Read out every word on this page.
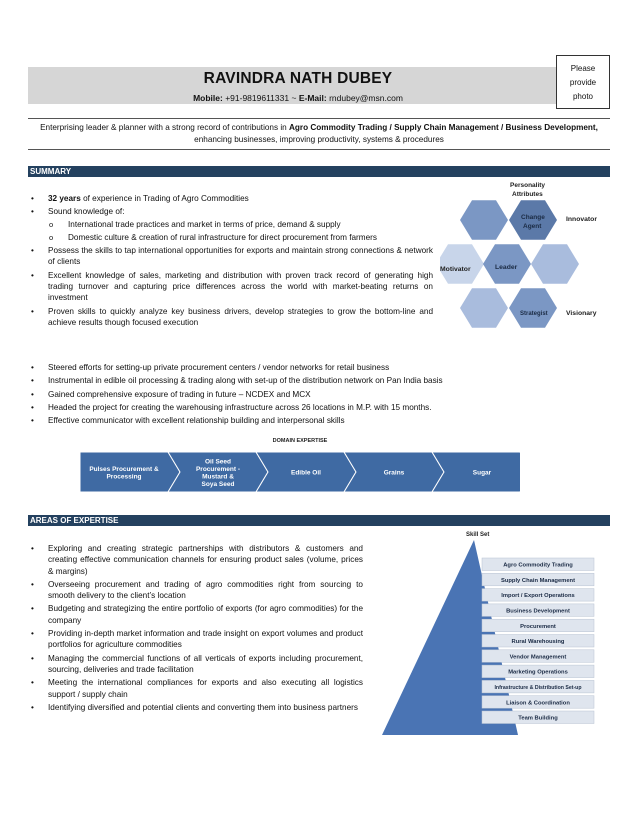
RAVINDRA NATH DUBEY
Mobile: +91-9819611331 ~ E-Mail: rndubey@msn.com
Please
provide
photo
Enterprising leader & planner with a strong record of contributions in Agro Commodity Trading / Supply Chain Management / Business Development, enhancing businesses, improving productivity, systems & procedures
SUMMARY
• 32 years of experience in Trading of Agro Commodities
• Sound knowledge of:
o International trade practices and market in terms of price, demand & supply
o Domestic culture & creation of rural infrastructure for direct procurement from farmers
• Possess the skills to tap international opportunities for exports and maintain strong connections & network of clients
• Excellent knowledge of sales, marketing and distribution with proven track record of generating high trading turnover and capturing price differences across the world with market-beating returns on investment
• Proven skills to quickly analyze key business drivers, develop strategies to grow the bottom-line and achieve results though focused execution
• Steered efforts for setting-up private procurement centers / vendor networks for retail business
• Instrumental in edible oil processing & trading along with set-up of the distribution network on Pan India basis
• Gained comprehensive exposure of trading in future – NCDEX and MCX
• Headed the project for creating the warehousing infrastructure across 26 locations in M.P. with 15 months.
• Effective communicator with excellent relationship building and interpersonal skills
Personality
Attributes
Change
Agent
Innovator
Motivator	Leader
Strategist	Visionary
DOMAIN EXPERTISE
Pulses Procurement &
Processing
Oil Seed
Procurement -
Mustard &
Soya Seed
Edible Oil	Grains	Sugar
AREAS OF EXPERTISE
• Exploring and creating strategic partnerships with distributors & customers and creating effective communication channels for ensuring product sales (volume, prices & margins)
• Overseeing procurement and trading of agro commodities right from sourcing to smooth delivery to the client’s location
• Budgeting and strategizing the entire portfolio of exports (for agro commodities) for the company
• Providing in-depth market information and trade insight on export volumes and product portfolios for agriculture commodities
• Managing the commercial functions of all verticals of exports including procurement, sourcing, deliveries and trade facilitation
• Meeting the international compliances for exports and also executing all logistics support / supply chain
• Identifying diversified and potential clients and converting them into business partners
Skill Set
Agro Commodity Trading
Supply Chain Management
Import / Export Operations
Business Development
Procurement
Rural Warehousing
Vendor Management
Marketing Operations
Infrastructure & Distribution Set-up
Liaison & Coordination
Team Building
